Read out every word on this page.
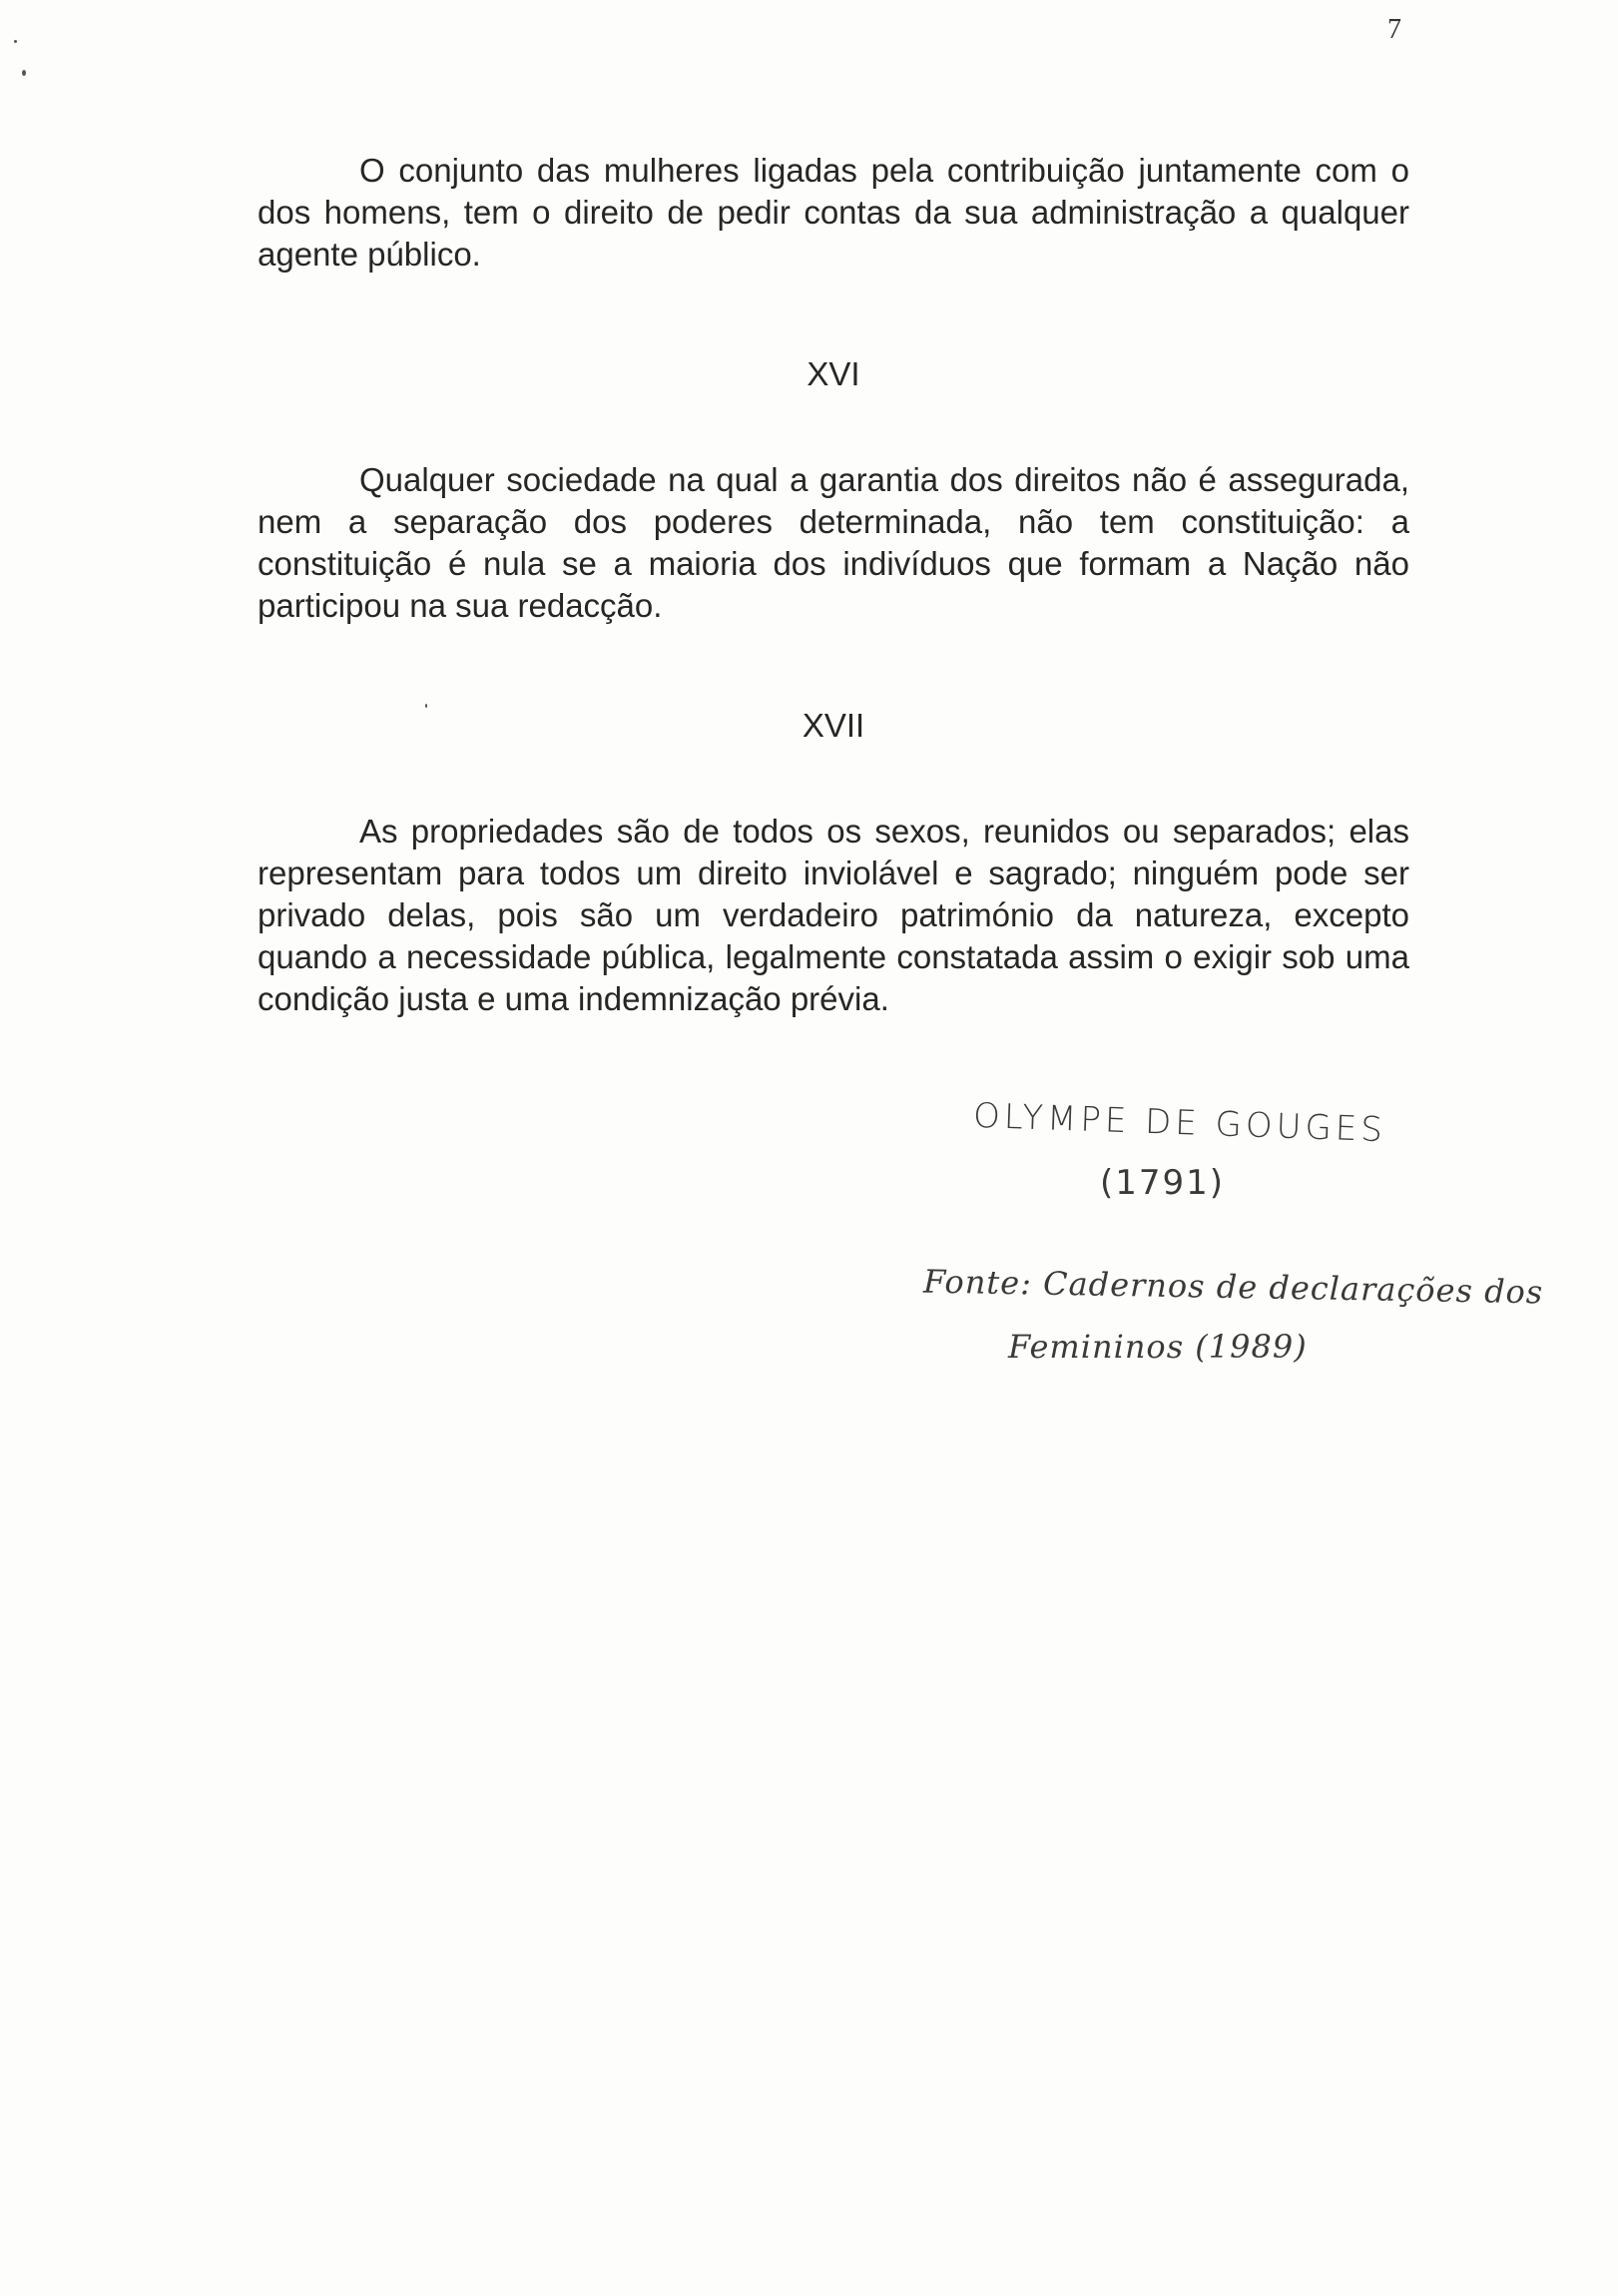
7

O conjunto das mulheres ligadas pela contribuição juntamente com o dos homens, tem o direito de pedir contas da sua administração a qualquer agente público.

XVI

Qualquer sociedade na qual a garantia dos direitos não é assegurada, nem a separação dos poderes determinada, não tem constituição: a constituição é nula se a maioria dos indivíduos que formam a Nação não participou na sua redacção.

XVII

As propriedades são de todos os sexos, reunidos ou separados; elas representam para todos um direito inviolável e sagrado; ninguém pode ser privado delas, pois são um verdadeiro património da natureza, excepto quando a necessidade pública, legalmente constatada assim o exigir sob uma condição justa e uma indemnização prévia.

OLYMPE DE GOUGES
(1791)
Fonte: Cadernos de declarações dos
Femininos (1989)
